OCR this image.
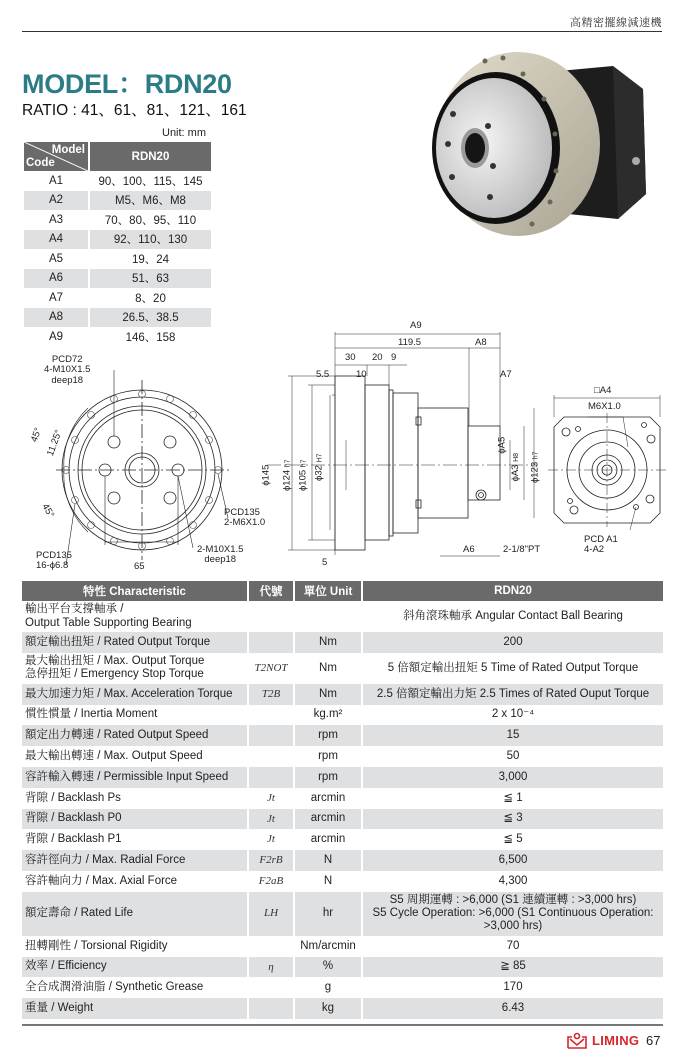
高精密擺線減速機
MODEL：RDN20
RATIO : 41、61、81、121、161
Unit: mm
Model
Code	RDN20
A1	90、100、115、145
A2	M5、M6、M8
A3	70、80、95、110
A4	92、110、130
A5	19、24
A6	51、63
A7	8、20
A8	26.5、38.5
A9	146、158
PCD72
4-M10X1.5
deep18
45° 11.25°
45°	PCD135
2-M6X1.0
PCD135
16-ϕ6.8
2-M10X1.5
deep18
65
A9
119.5	A8
30 20 9
5.5	10	A7
ϕ145 ϕ124 h7
ϕ105 h7
ϕ32 H7
ϕA5
ϕA3 H8
ϕ123 h7
A6	2-1/8"PT
5
□A4
M6X1.0
PCD A1
4-A2
特性 Characteristic	代號	單位 Unit	RDN20
輸出平台支撐軸承 /
Output Table Supporting Bearing			斜角滾珠軸承 Angular Contact Ball Bearing
額定輸出扭矩 / Rated Output Torque		Nm	200
最大輸出扭矩 / Max. Output Torque
急停扭矩 / Emergency Stop Torque	T2NOT	Nm	5 倍額定輸出扭矩 5 Time of Rated Output Torque
最大加速力矩 / Max. Acceleration Torque	T2B	Nm	2.5 倍額定輸出力矩 2.5 Times of Rated Ouput Torque
慣性慣量 / Inertia Moment		kg.m²	2 x 10⁻⁴
額定出力轉速 / Rated Output Speed		rpm	15
最大輸出轉速 / Max. Output Speed		rpm	50
容許輸入轉速 / Permissible Input Speed		rpm	3,000
背隙 / Backlash Ps	Jt	arcmin	≦ 1
背隙 / Backlash P0	Jt	arcmin	≦ 3
背隙 / Backlash P1	Jt	arcmin	≦ 5
容許徑向力 / Max. Radial Force	F2rB	N	6,500
容許軸向力 / Max. Axial Force	F2aB	N	4,300
額定壽命 / Rated Life	LH	hr	S5 周期運轉 : >6,000 (S1 連續運轉 : >3,000 hrs)
S5 Cycle Operation: >6,000 (S1 Continuous Operation: >3,000 hrs)
扭轉剛性 / Torsional Rigidity		Nm/arcmin	70
效率 / Efficiency	η	%	≧ 85
全合成潤滑油脂 / Synthetic Grease		g	170
重量 / Weight		kg	6.43
LIMING 67
